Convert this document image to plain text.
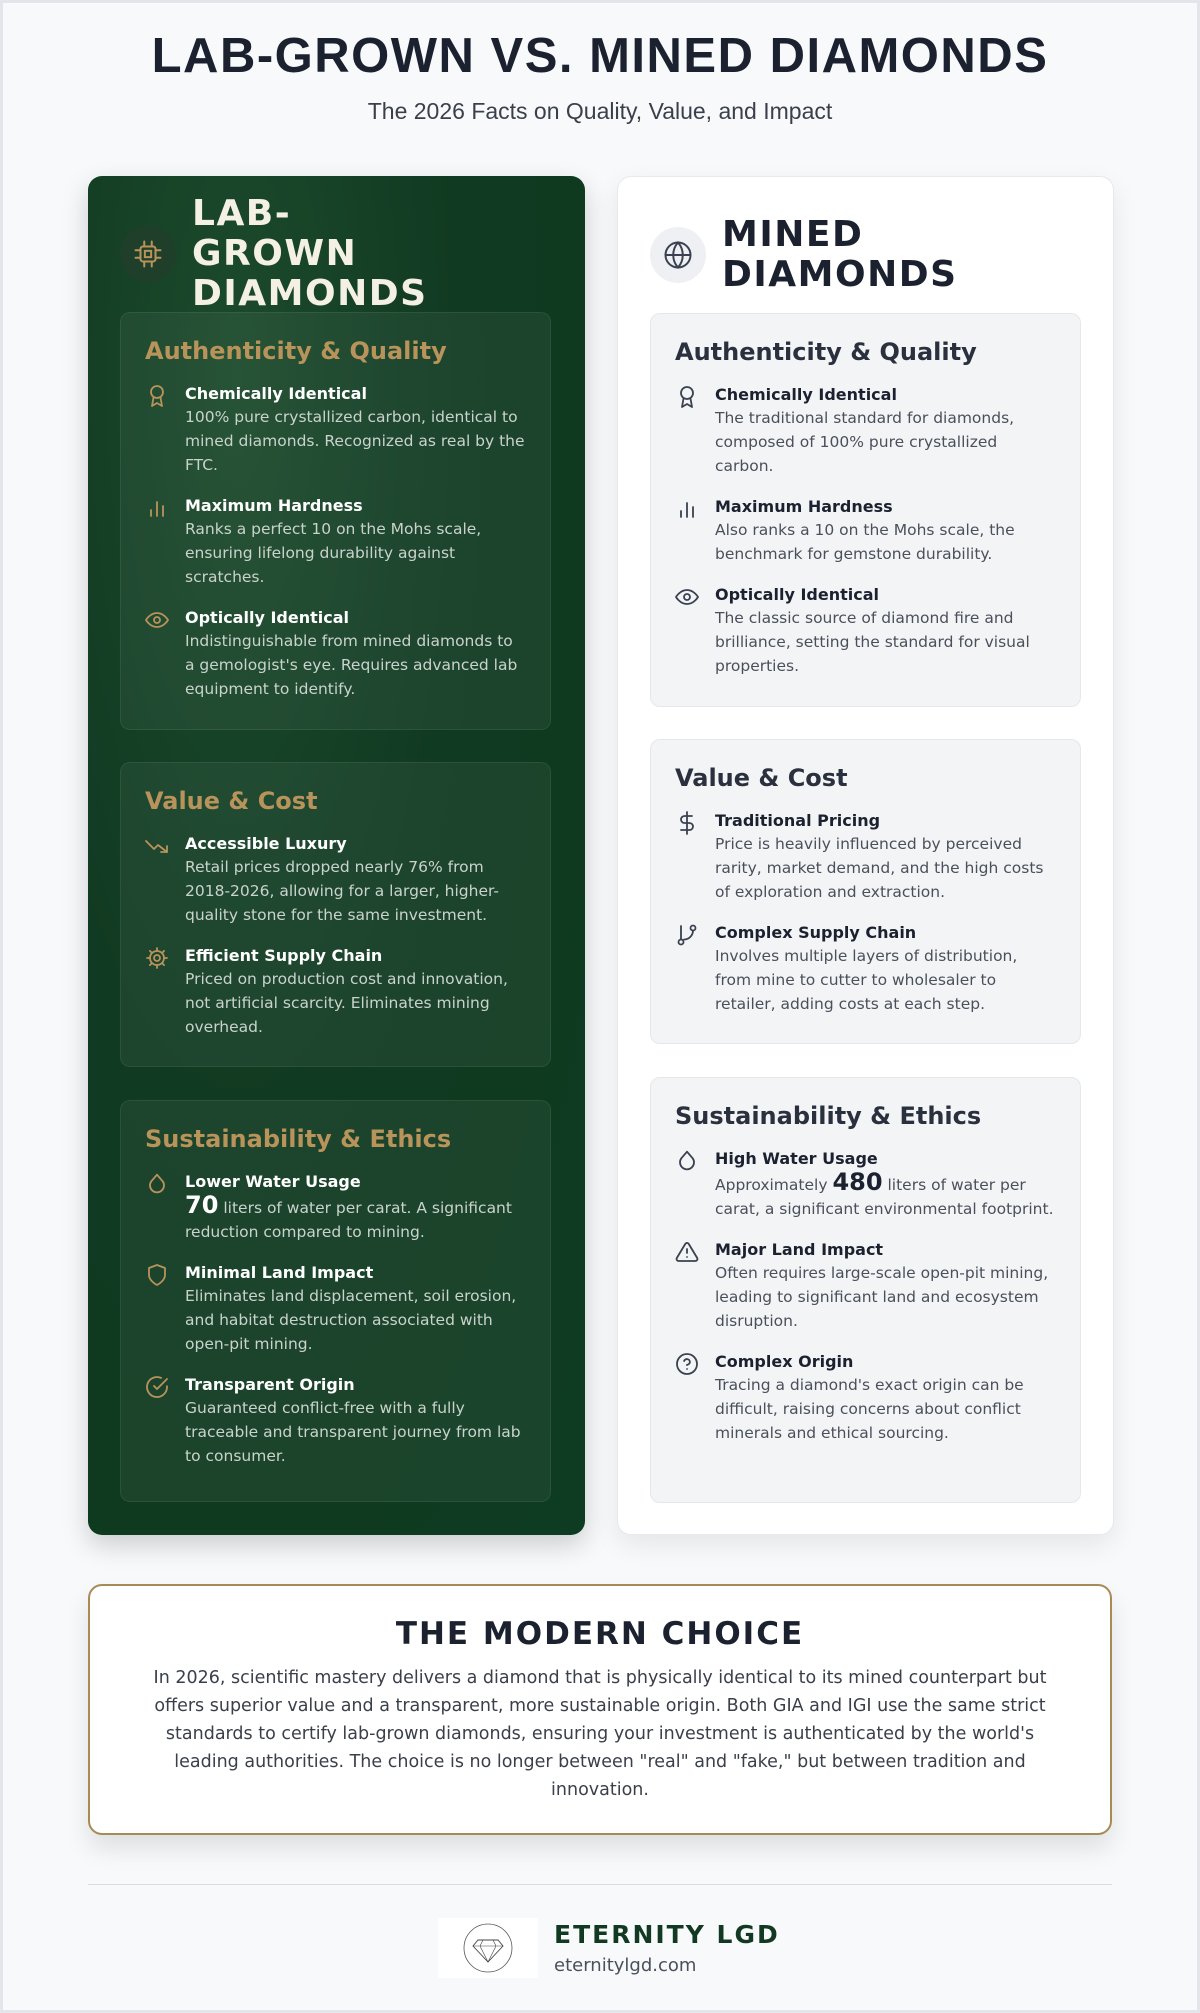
LAB-GROWN VS. MINED DIAMONDS
The 2026 Facts on Quality, Value, and Impact
LAB-GROWN DIAMONDS
Authenticity & Quality
Chemically Identical
100% pure crystallized carbon, identical to mined diamonds. Recognized as real by the FTC.
Maximum Hardness
Ranks a perfect 10 on the Mohs scale, ensuring lifelong durability against scratches.
Optically Identical
Indistinguishable from mined diamonds to a gemologist's eye. Requires advanced lab equipment to identify.
Value & Cost
Accessible Luxury
Retail prices dropped nearly 76% from 2018-2026, allowing for a larger, higher-quality stone for the same investment.
Efficient Supply Chain
Priced on production cost and innovation, not artificial scarcity. Eliminates mining overhead.
Sustainability & Ethics
Lower Water Usage
70 liters of water per carat. A significant reduction compared to mining.
Minimal Land Impact
Eliminates land displacement, soil erosion, and habitat destruction associated with open-pit mining.
Transparent Origin
Guaranteed conflict-free with a fully traceable and transparent journey from lab to consumer.
MINED DIAMONDS
Authenticity & Quality
Chemically Identical
The traditional standard for diamonds, composed of 100% pure crystallized carbon.
Maximum Hardness
Also ranks a 10 on the Mohs scale, the benchmark for gemstone durability.
Optically Identical
The classic source of diamond fire and brilliance, setting the standard for visual properties.
Value & Cost
Traditional Pricing
Price is heavily influenced by perceived rarity, market demand, and the high costs of exploration and extraction.
Complex Supply Chain
Involves multiple layers of distribution, from mine to cutter to wholesaler to retailer, adding costs at each step.
Sustainability & Ethics
High Water Usage
Approximately 480 liters of water per carat, a significant environmental footprint.
Major Land Impact
Often requires large-scale open-pit mining, leading to significant land and ecosystem disruption.
Complex Origin
Tracing a diamond's exact origin can be difficult, raising concerns about conflict minerals and ethical sourcing.
THE MODERN CHOICE
In 2026, scientific mastery delivers a diamond that is physically identical to its mined counterpart but offers superior value and a transparent, more sustainable origin. Both GIA and IGI use the same strict standards to certify lab-grown diamonds, ensuring your investment is authenticated by the world's leading authorities. The choice is no longer between "real" and "fake," but between tradition and innovation.
ETERNITY LGD
eternitylgd.com
